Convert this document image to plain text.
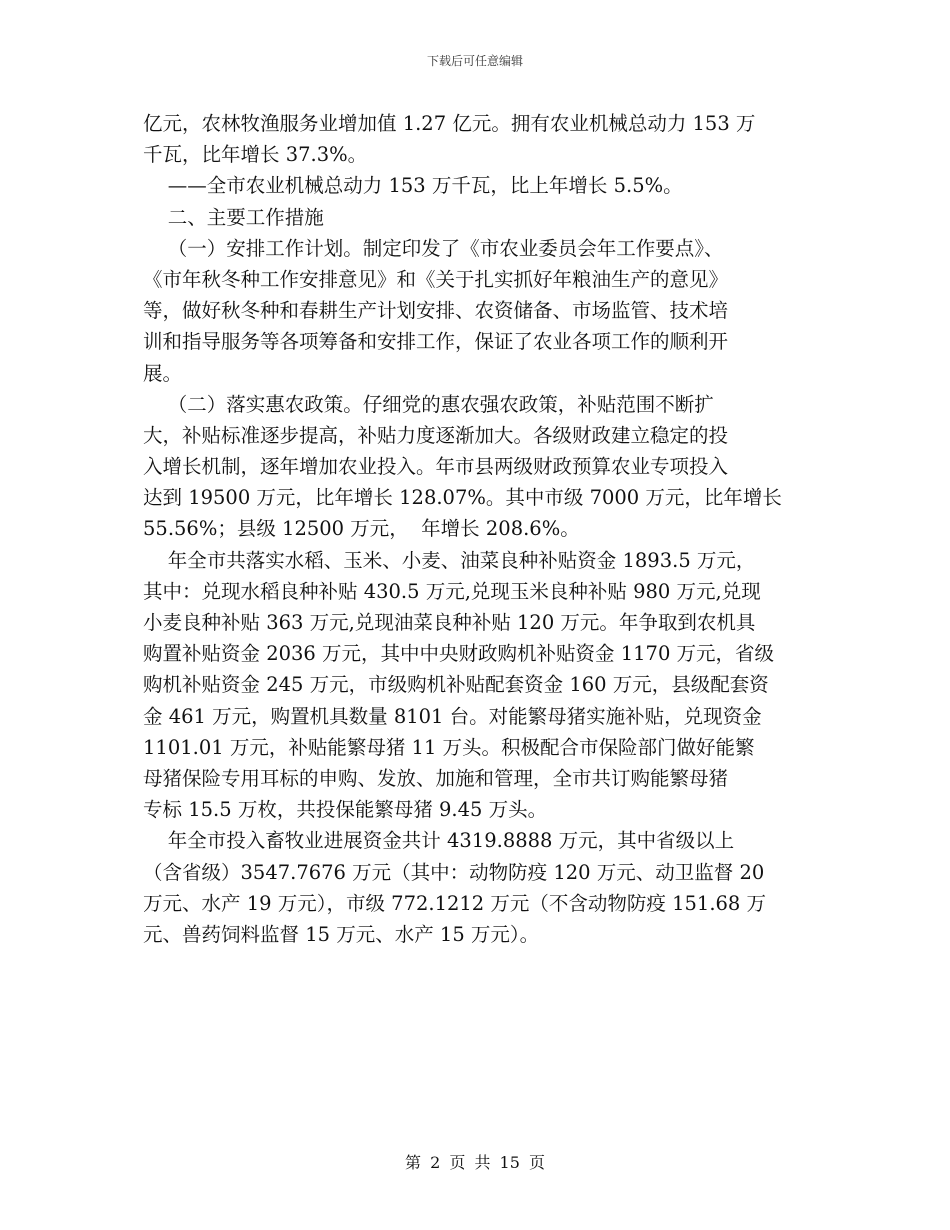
下载后可任意编辑
亿元，农林牧渔服务业增加值 1.27 亿元。拥有农业机械总动力 153 万
千瓦，比年增长 37.3%。
——全市农业机械总动力 153 万千瓦，比上年增长 5.5%。
二、主要工作措施
（一）安排工作计划。制定印发了《市农业委员会年工作要点》、
《市年秋冬种工作安排意见》和《关于扎实抓好年粮油生产的意见》
等，做好秋冬种和春耕生产计划安排、农资储备、市场监管、技术培
训和指导服务等各项筹备和安排工作，保证了农业各项工作的顺利开
展。
（二）落实惠农政策。仔细党的惠农强农政策，补贴范围不断扩
大，补贴标准逐步提高，补贴力度逐渐加大。各级财政建立稳定的投
入增长机制，逐年增加农业投入。年市县两级财政预算农业专项投入
达到 19500 万元，比年增长 128.07%。其中市级 7000 万元，比年增长
55.56%；县级 12500 万元，  年增长 208.6%。
年全市共落实水稻、玉米、小麦、油菜良种补贴资金 1893.5 万元，
其中：兑现水稻良种补贴 430.5 万元,兑现玉米良种补贴 980 万元,兑现
小麦良种补贴 363 万元,兑现油菜良种补贴 120 万元。年争取到农机具
购置补贴资金 2036 万元，其中中央财政购机补贴资金 1170 万元，省级
购机补贴资金 245 万元，市级购机补贴配套资金 160 万元，县级配套资
金 461 万元，购置机具数量 8101 台。对能繁母猪实施补贴，兑现资金
1101.01 万元，补贴能繁母猪 11 万头。积极配合市保险部门做好能繁
母猪保险专用耳标的申购、发放、加施和管理，全市共订购能繁母猪
专标 15.5 万枚，共投保能繁母猪 9.45 万头。
年全市投入畜牧业进展资金共计 4319.8888 万元，其中省级以上
（含省级）3547.7676 万元（其中：动物防疫 120 万元、动卫监督 20
万元、水产 19 万元），市级 772.1212 万元（不含动物防疫 151.68 万
元、兽药饲料监督 15 万元、水产 15 万元）。
第 2 页 共 15 页
